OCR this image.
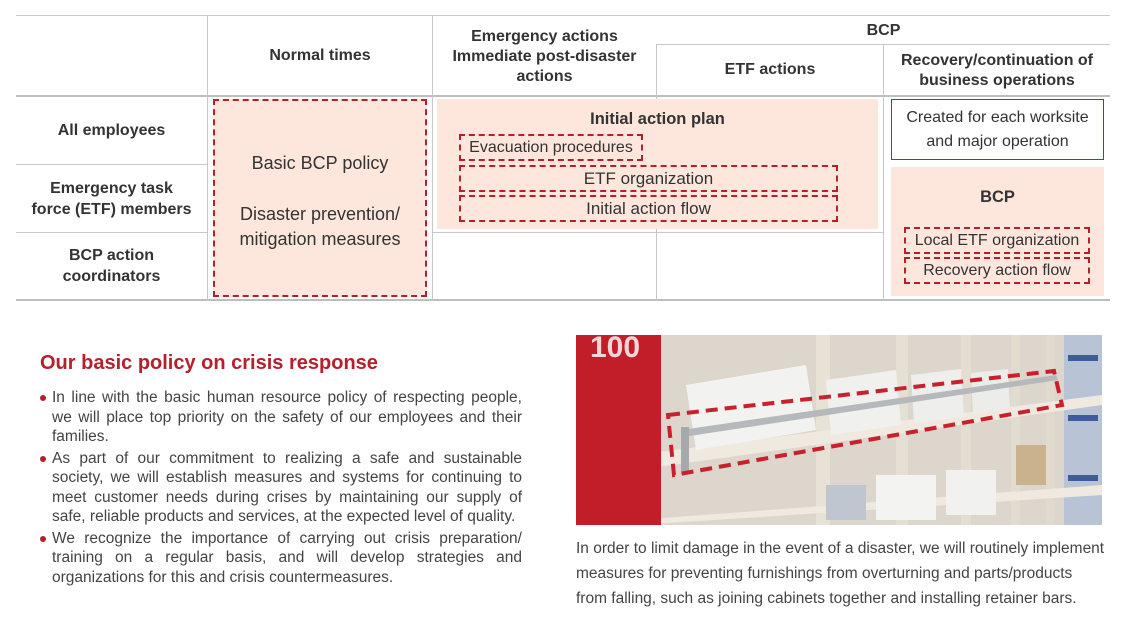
Normal times
Emergency actions
Immediate post-disaster
actions
BCP
ETF actions
Recovery/continuation of
business operations
All employees
Emergency task
force (ETF) members
BCP action
coordinators
Basic BCP policy
Disaster prevention/
mitigation measures
Initial action plan
Evacuation procedures
ETF organization
Initial action flow
Created for each worksite
and major operation
BCP
Local ETF organization
Recovery action flow
Our basic policy on crisis response
In line with the basic human resource policy of respecting people, we will place top priority on the safety of our employees and their families.
As part of our commitment to realizing a safe and sustainable society, we will establish measures and systems for continuing to meet customer needs during crises by maintaining our supply of safe, reliable products and services, at the expected level of quality.
We recognize the importance of carrying out crisis preparation/ training on a regular basis, and will develop strategies and organizations for this and crisis countermeasures.
100
In order to limit damage in the event of a disaster, we will routinely implement measures for preventing furnishings from overturning and parts/products from falling, such as joining cabinets together and installing retainer bars.
